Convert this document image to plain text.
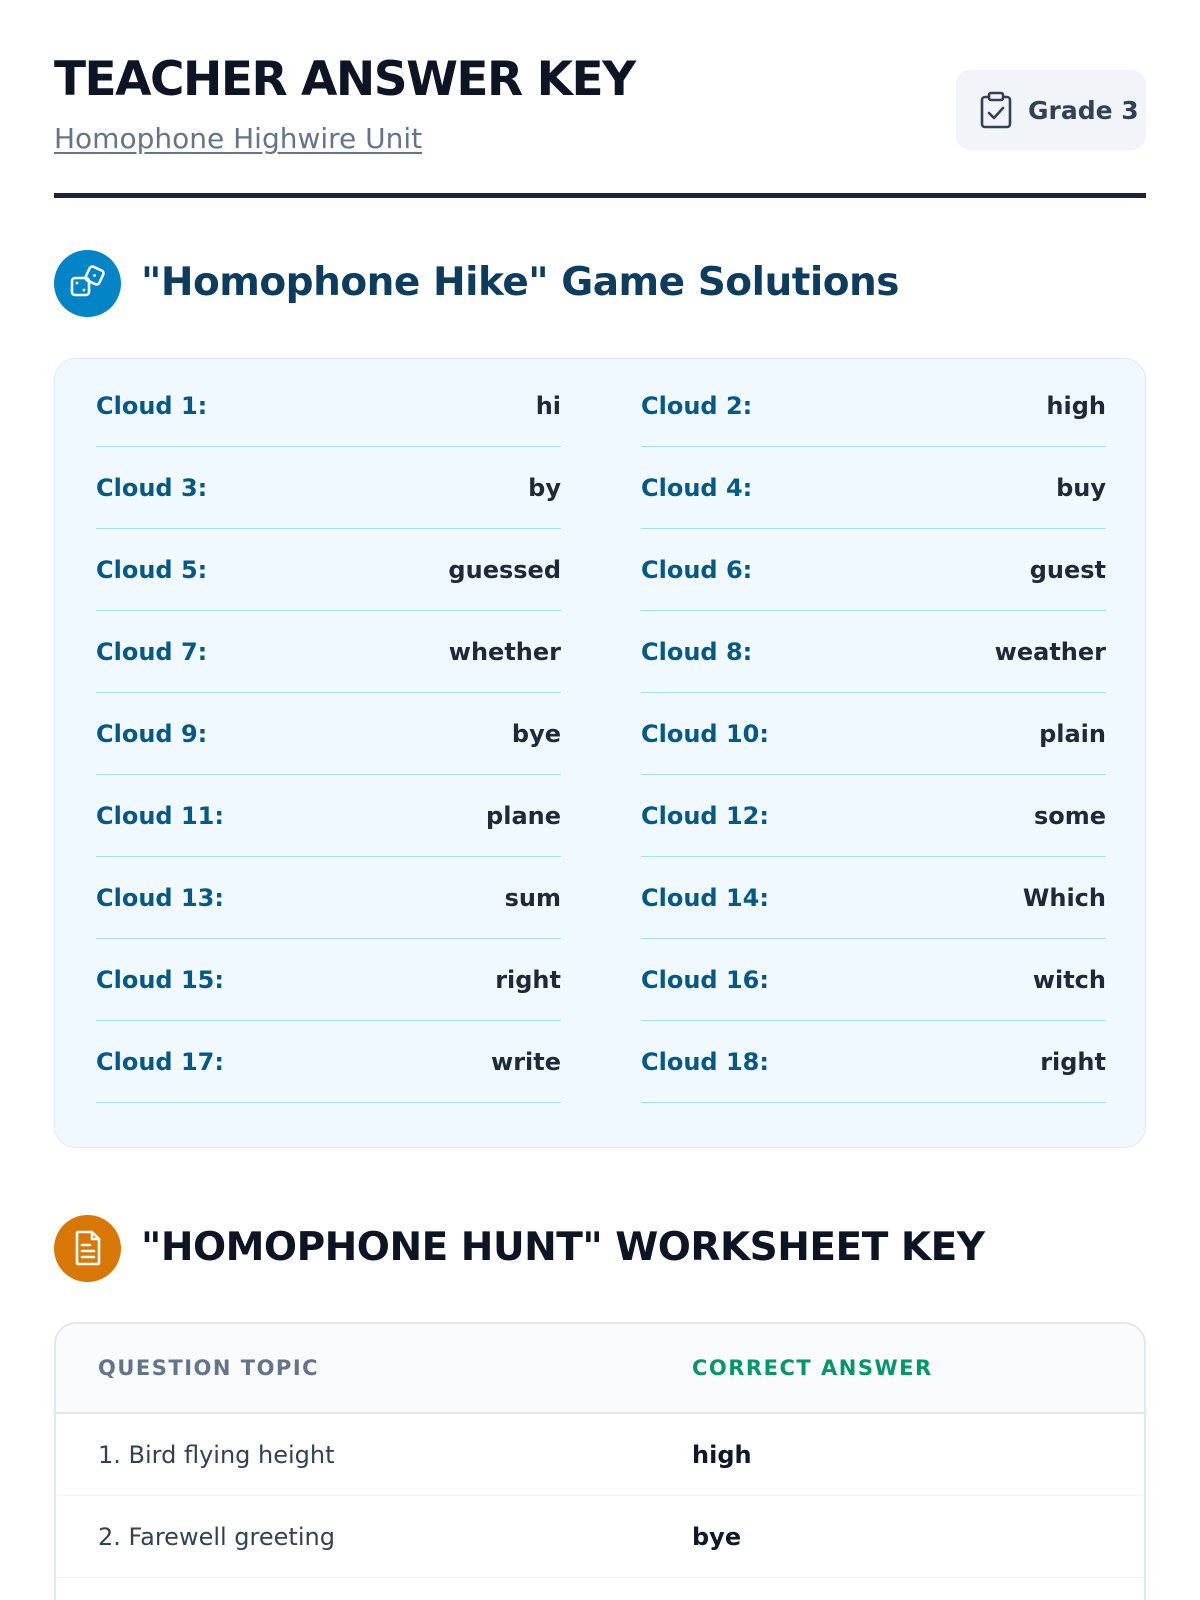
TEACHER ANSWER KEY
Homophone Highwire Unit
Grade 3
"Homophone Hike" Game Solutions
Cloud 1:	hi	Cloud 2:	high
Cloud 3:	by	Cloud 4:	buy
Cloud 5:	guessed	Cloud 6:	guest
Cloud 7:	whether	Cloud 8:	weather
Cloud 9:	bye	Cloud 10:	plain
Cloud 11:	plane	Cloud 12:	some
Cloud 13:	sum	Cloud 14:	Which
Cloud 15:	right	Cloud 16:	witch
Cloud 17:	write	Cloud 18:	right
"HOMOPHONE HUNT" WORKSHEET KEY
QUESTION TOPIC	CORRECT ANSWER
1. Bird flying height	high
2. Farewell greeting	bye
